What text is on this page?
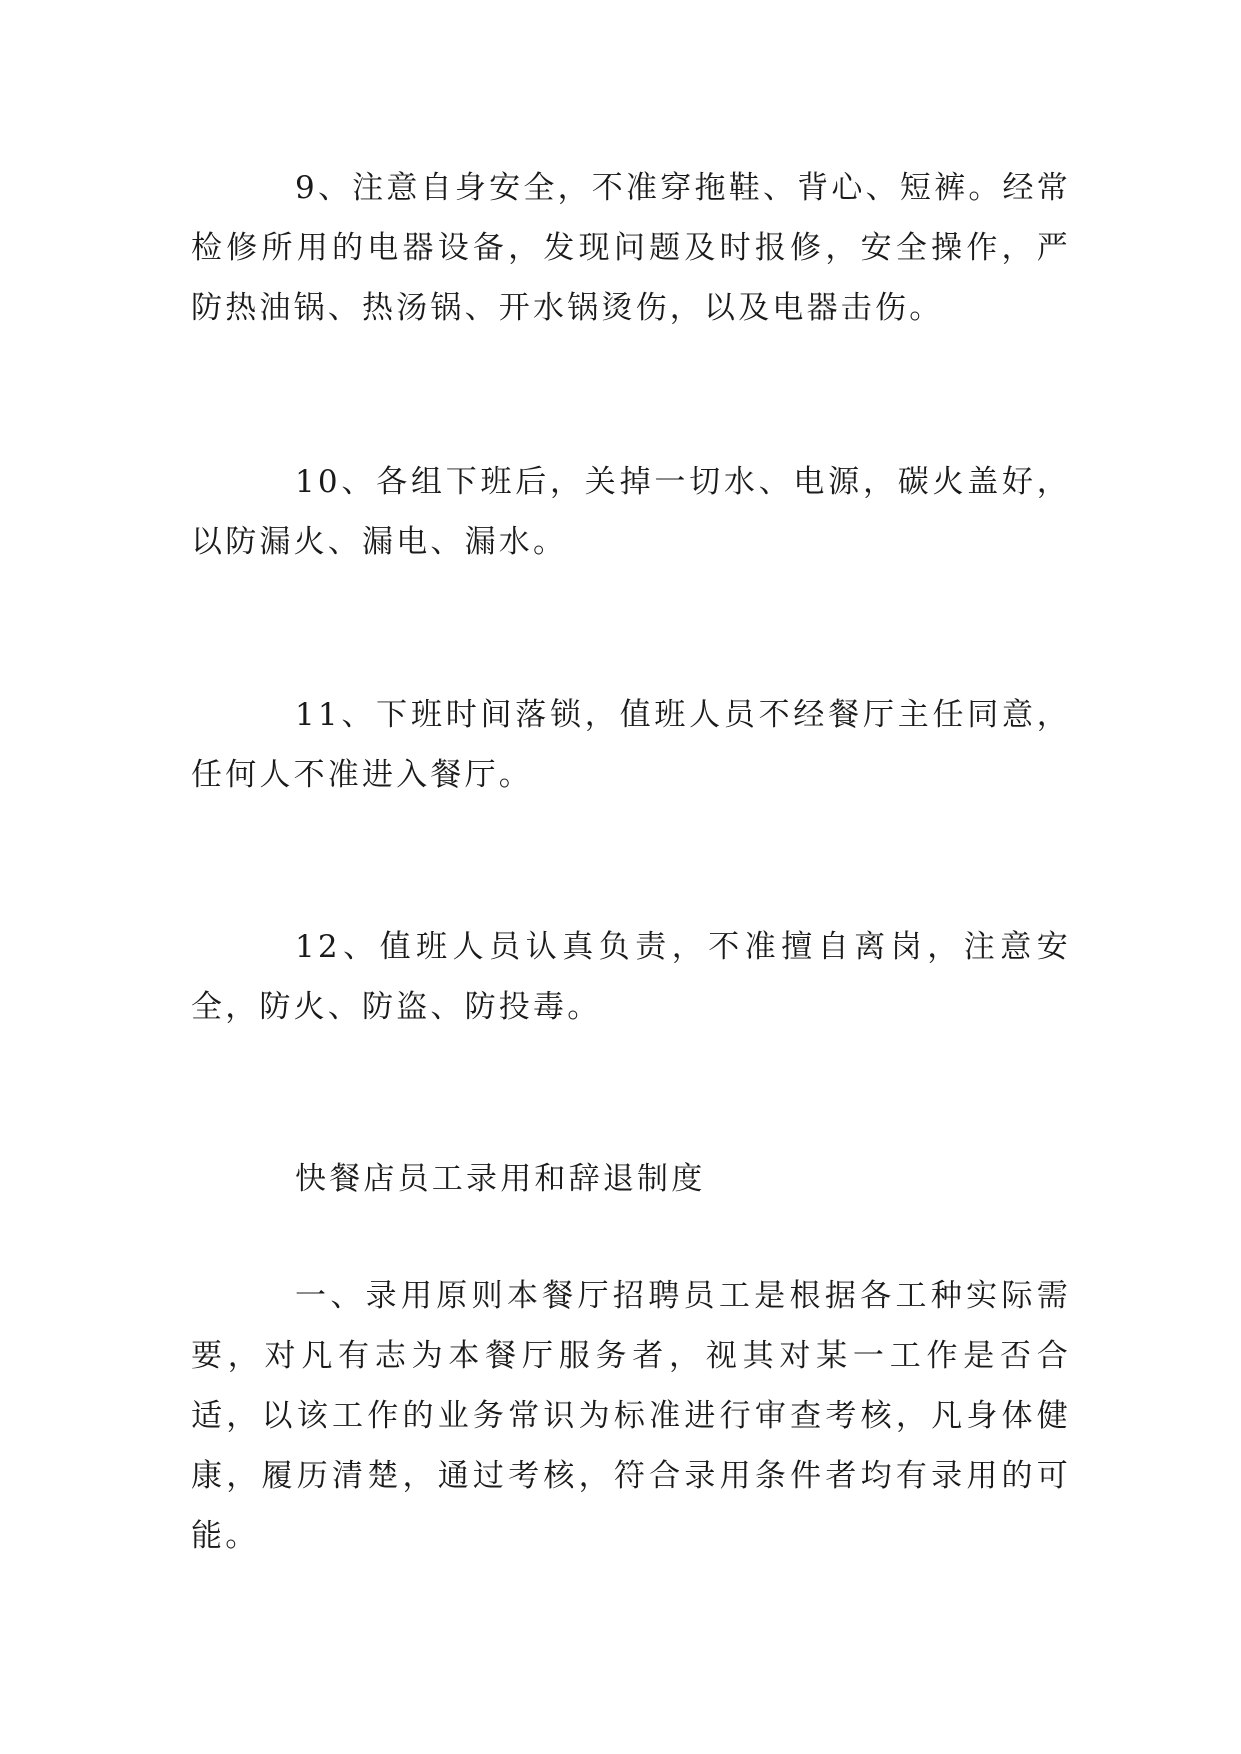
9、注意自身安全，不准穿拖鞋、背心、短裤。经常检修所用的电器设备，发现问题及时报修，安全操作，严防热油锅、热汤锅、开水锅烫伤，以及电器击伤。

10、各组下班后，关掉一切水、电源，碳火盖好，以防漏火、漏电、漏水。

11、下班时间落锁，值班人员不经餐厅主任同意，任何人不准进入餐厅。

12、值班人员认真负责，不准擅自离岗，注意安全，防火、防盗、防投毒。

快餐店员工录用和辞退制度

一、录用原则本餐厅招聘员工是根据各工种实际需要，对凡有志为本餐厅服务者，视其对某一工作是否合适，以该工作的业务常识为标准进行审查考核，凡身体健康，履历清楚，通过考核，符合录用条件者均有录用的可能。
